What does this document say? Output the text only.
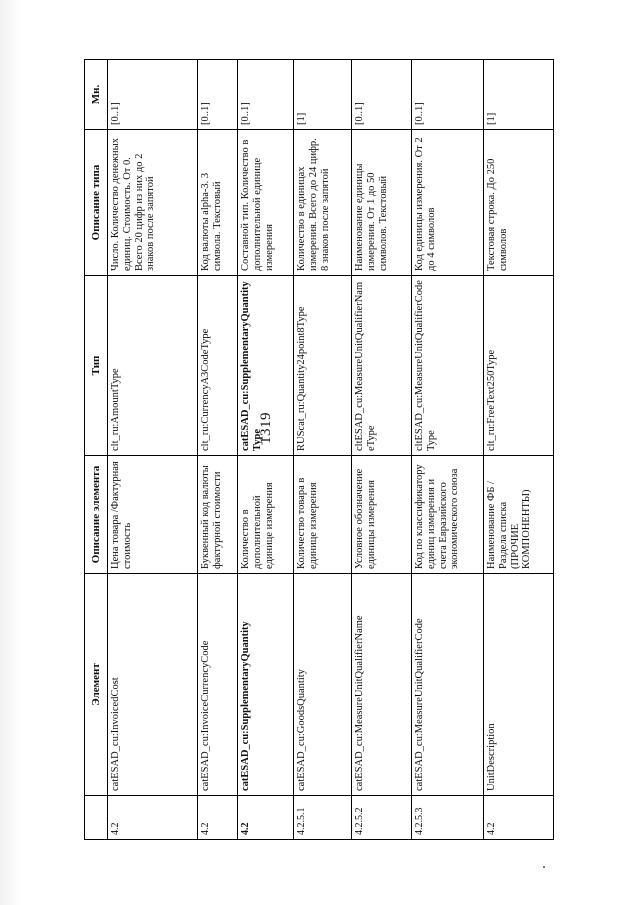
1319
	Элемент	Описание элемента	Тип	Описание типа	Мн.
4.2	catESAD_cu:InvoicedCost	Цена товара /Фактурная стоимость	clt_ru:AmountType	Число. Количество денежных единиц. Стоимость. От 0. Всего 20 цифр из них до 2 знаков после запятой	[0..1]
4.2	catESAD_cu:InvoiceCurrencyCode	Буквенный код валюты фактурной стоимости	clt_ru:CurrencyA3CodeType	Код валюты alpha-3. 3 символа. Текстовый	[0..1]
4.2	catESAD_cu:SupplementaryQuantity	Количество в дополнительной единице измерения	catESAD_cu:SupplementaryQuantityType	Составной тип. Количество в дополнительной единице измерения	[0..1]
4.2.5.1	catESAD_cu:GoodsQuantity	Количество товара в единице измерения	RUScat_ru:Quantity24point8Type	Количество в единицах измерения. Всего до 24 цифр. 8 знаков после запятой	[1]
4.2.5.2	catESAD_cu:MeasureUnitQualifierName	Условное обозначение единицы измерения	cltESAD_cu:MeasureUnitQualifierNameType	Наименование единицы измерения. От 1 до 50 символов. Текстовый	[0..1]
4.2.5.3	catESAD_cu:MeasureUnitQualifierCode	Код по классификатору единиц измерения и счета Евразийского экономического союза	cltESAD_cu:MeasureUnitQualifierCodeType	Код единицы измерения. От 2 до 4 символов	[0..1]
4.2	UnitDescription	Наименование ФБ / Раздела списка (ПРОЧИЕ КОМПОНЕНТЫ)	clt_ru:FreeText250Type	Текстовая строка. До 250 символов	[1]
